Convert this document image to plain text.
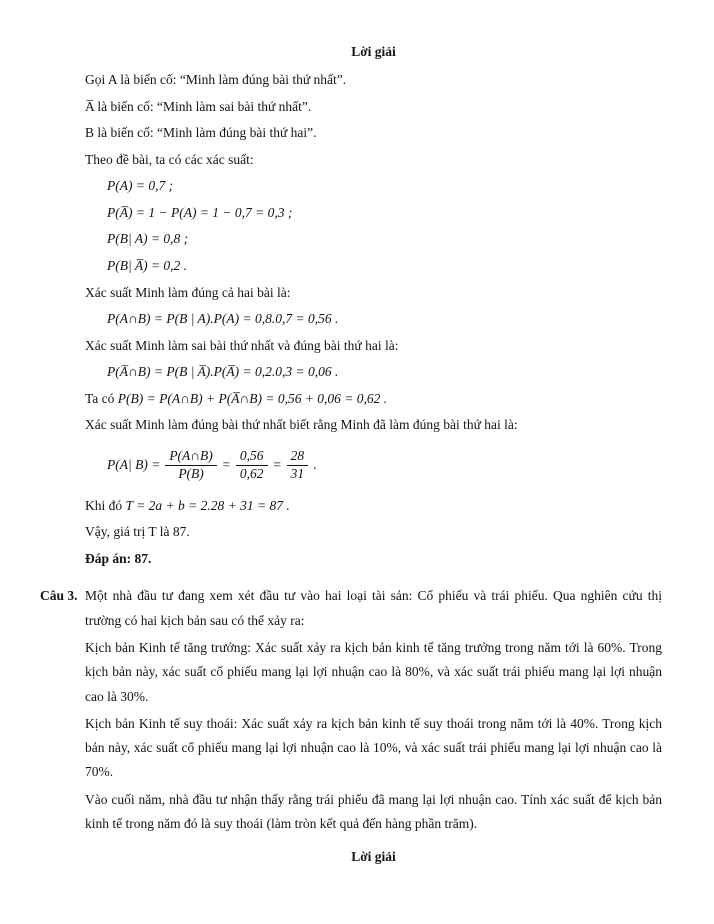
Lời giải

Gọi A là biến cố: “Minh làm đúng bài thứ nhất”.

A̅ là biến cố: “Minh làm sai bài thứ nhất”.

B là biến cố: “Minh làm đúng bài thứ hai”.

Theo đề bài, ta có các xác suất:

P(A) = 0,7 ;

P(A̅) = 1 − P(A) = 1 − 0,7 = 0,3 ;

P(B| A) = 0,8 ;

P(B| A̅) = 0,2 .

Xác suất Minh làm đúng cả hai bài là:

P(A∩B) = P(B | A).P(A) = 0,8.0,7 = 0,56 .

Xác suất Minh làm sai bài thứ nhất và đúng bài thứ hai là:

P(A̅∩B) = P(B | A̅).P(A̅) = 0,2.0,3 = 0,06 .

Ta có P(B) = P(A∩B) + P(A̅∩B) = 0,56 + 0,06 = 0,62 .

Xác suất Minh làm đúng bài thứ nhất biết rằng Minh đã làm đúng bài thứ hai là:

P(A| $B) = \frac{P(A\cap B)}{P(B)} = \frac{0,56}{0,62} = \frac{28}{31}$ .

Khi đó T = 2a + b = 2.28 + 31 = 87 .

Vậy, giá trị T là 87.

Đáp án: 87.

Câu 3. Một nhà đầu tư đang xem xét đầu tư vào hai loại tài sản: Cổ phiếu và trái phiếu. Qua nghiên cứu thị trường có hai kịch bản sau có thể xảy ra:

Kịch bản Kinh tế tăng trưởng: Xác suất xảy ra kịch bản kinh tế tăng trưởng trong năm tới là 60%. Trong kịch bản này, xác suất cổ phiếu mang lại lợi nhuận cao là 80%, và xác suất trái phiếu mang lại lợi nhuận cao là 30%.

Kịch bản Kinh tế suy thoái: Xác suất xảy ra kịch bản kinh tế suy thoái trong năm tới là 40%. Trong kịch bản này, xác suất cổ phiếu mang lại lợi nhuận cao là 10%, và xác suất trái phiếu mang lại lợi nhuận cao là 70%.

Vào cuối năm, nhà đầu tư nhận thấy rằng trái phiếu đã mang lại lợi nhuận cao. Tính xác suất để kịch bản kinh tế trong năm đó là suy thoái (làm tròn kết quả đến hàng phần trăm).

Lời giải
